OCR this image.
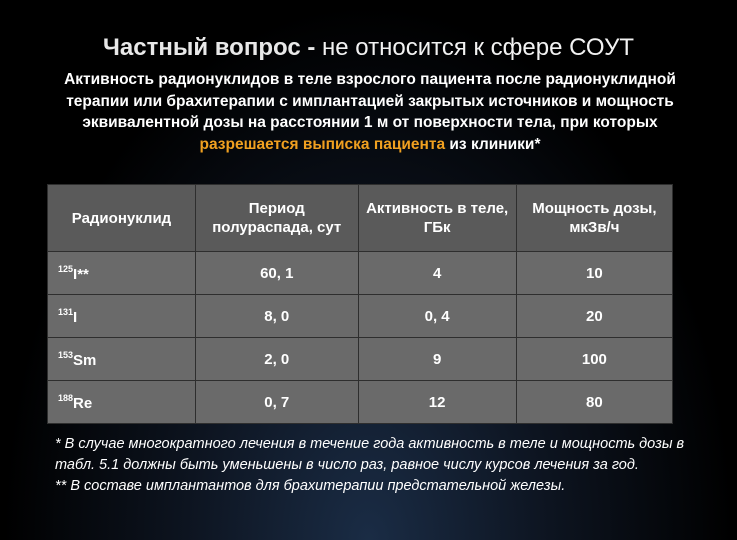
Частный вопрос - не относится к сфере СОУТ
Активность радионуклидов в теле взрослого пациента после радионуклидной терапии или брахитерапии с имплантацией закрытых источников и мощность эквивалентной дозы на расстоянии 1 м от поверхности тела, при которых разрешается выписка пациента из клиники*
Радионуклид	Период полураспада, сут	Активность в теле, ГБк	Мощность дозы, мкЗв/ч
$^{125}$I**	60, 1	4	10
$^{131}$I	8, 0	0, 4	20
$^{153}$Sm	2, 0	9	100
$^{188}$Re	0, 7	12	80
* В случае многократного лечения в течение года активность в теле и мощность дозы в табл. 5.1 должны быть уменьшены в число раз, равное числу курсов лечения за год.
** В составе имплантантов для брахитерапии предстательной железы.
